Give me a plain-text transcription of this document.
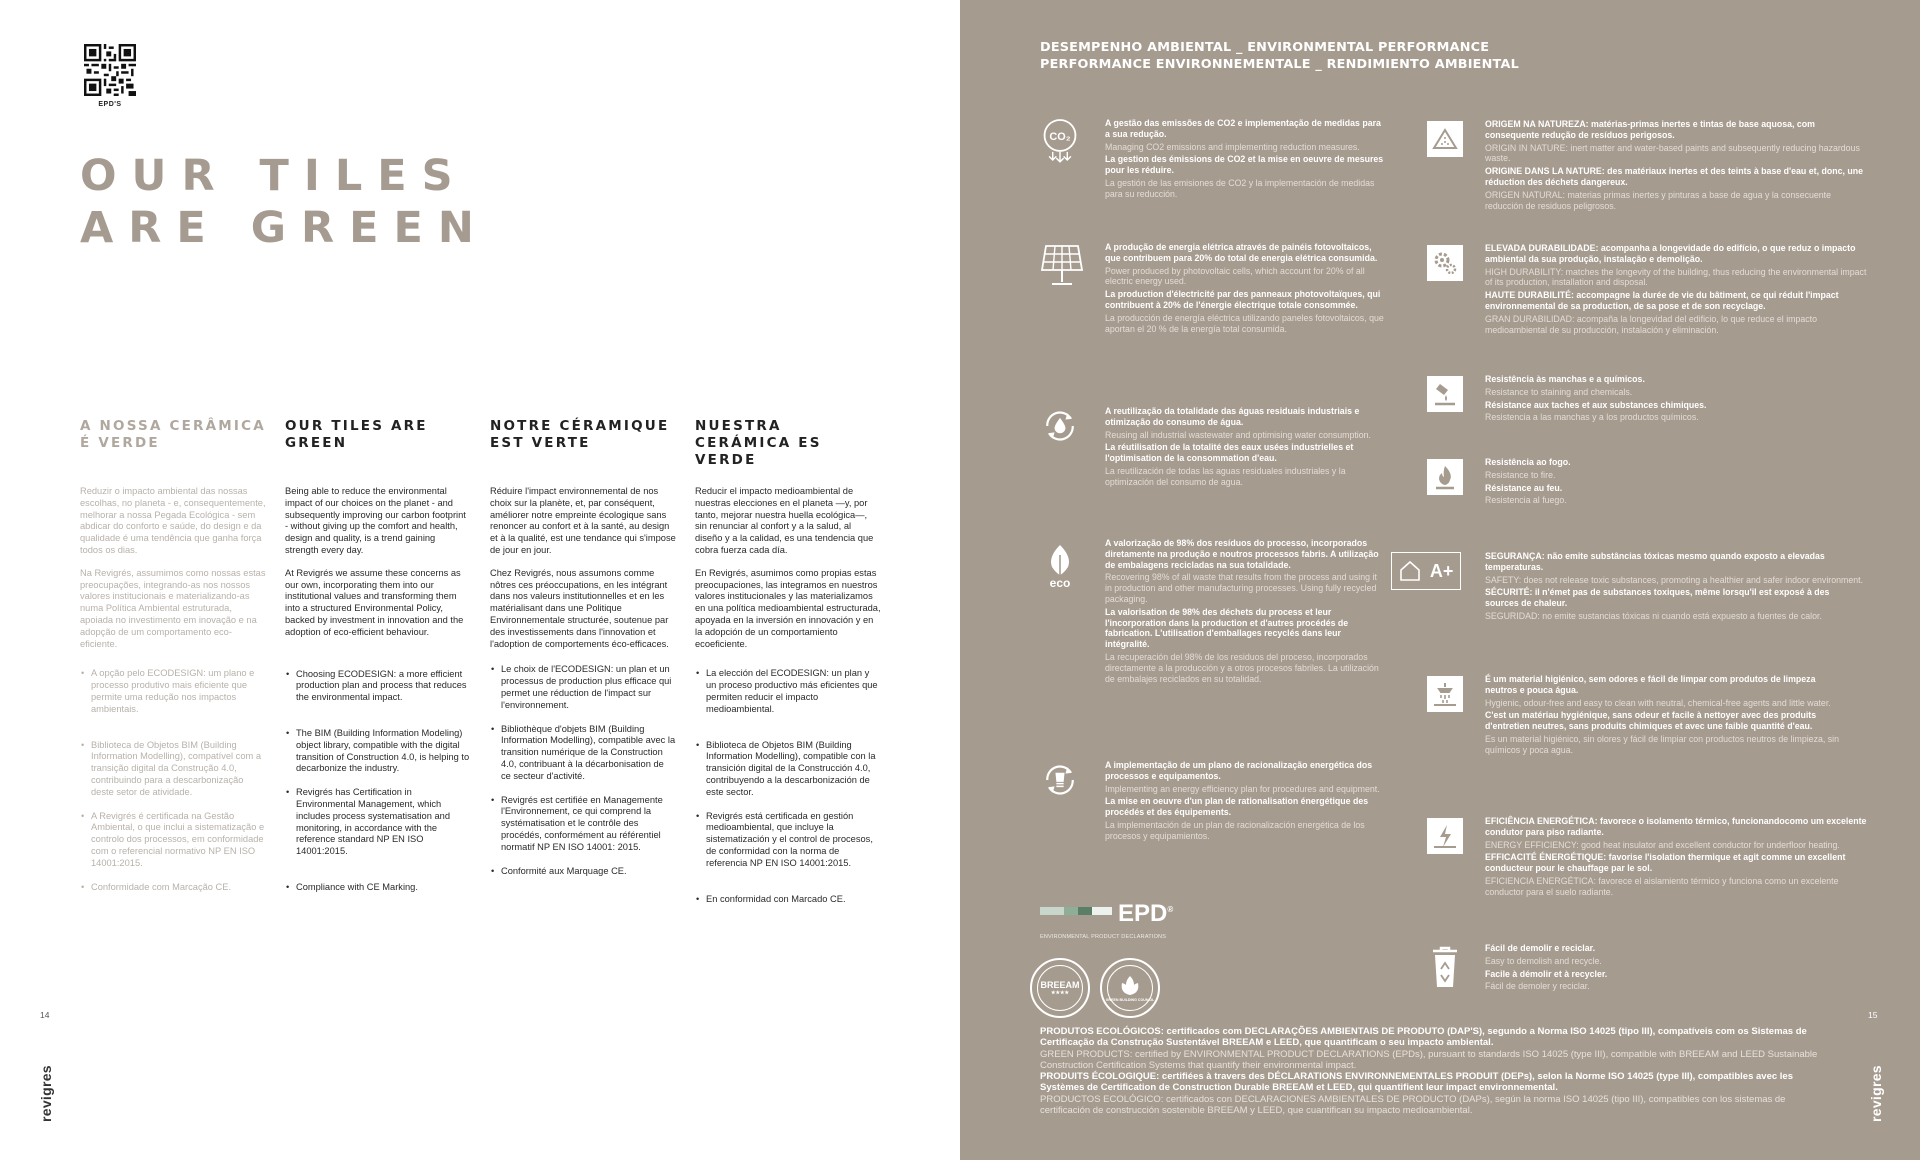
EPD'S
OUR TILES
ARE GREEN
A NOSSA CERÂMICA É VERDE

Reduzir o impacto ambiental das nossas escolhas, no planeta - e, consequentemente, melhorar a nossa Pegada Ecológica - sem abdicar do conforto e saúde, do design e da qualidade é uma tendência que ganha força todos os dias.

Na Revigrés, assumimos como nossas estas preocupações, integrando-as nos nossos valores institucionais e materializando-as numa Política Ambiental estruturada, apoiada no investimento em inovação e na adopção de um comportamento eco-eficiente.

• A opção pelo ECODESIGN: um plano e processo produtivo mais eficiente que permite uma redução nos impactos ambientais.
• Biblioteca de Objetos BIM (Building Information Modelling), compatível com a transição digital da Construção 4.0, contribuindo para a descarbonização deste setor de atividade.
• A Revigrés é certificada na Gestão Ambiental, o que inclui a sistematização e controlo dos processos, em conformidade com o referencial normativo NP EN ISO 14001:2015.
• Conformidade com Marcação CE.
OUR TILES ARE GREEN

Being able to reduce the environmental impact of our choices on the planet - and subsequently improving our carbon footprint - without giving up the comfort and health, design and quality, is a trend gaining strength every day.

At Revigrés we assume these concerns as our own, incorporating them into our institutional values and transforming them into a structured Environmental Policy, backed by investment in innovation and the adoption of eco-efficient behaviour.

• Choosing ECODESIGN: a more efficient production plan and process that reduces the environmental impact.
• The BIM (Building Information Modeling) object library, compatible with the digital transition of Construction 4.0, is helping to decarbonize the industry.
• Revigrés has Certification in Environmental Management, which includes process systematisation and monitoring, in accordance with the reference standard NP EN ISO 14001:2015.
• Compliance with CE Marking.
NOTRE CÉRAMIQUE EST VERTE

Réduire l'impact environnemental de nos choix sur la planète, et, par conséquent, améliorer notre empreinte écologique sans renoncer au confort et à la santé, au design et à la qualité, est une tendance qui s'impose de jour en jour.

Chez Revigrés, nous assumons comme nôtres ces préoccupations, en les intégrant dans nos valeurs institutionnelles et en les matérialisant dans une Politique Environnementale structurée, soutenue par des investissements dans l'innovation et l'adoption de comportements éco-efficaces.

• Le choix de l'ECODESIGN: un plan et un processus de production plus efficace qui permet une réduction de l'impact sur l'environnement.
• Bibliothèque d'objets BIM (Building Information Modelling), compatible avec la transition numérique de la Construction 4.0, contribuant à la décarbonisation de ce secteur d'activité.
• Revigrés est certifiée en Managemente l'Environnement, ce qui comprend la systématisation et le contrôle des procédés, conformément au référentiel normatif NP EN ISO 14001: 2015.
• Conformité aux Marquage CE.
NUESTRA CERÁMICA ES VERDE

Reducir el impacto medioambiental de nuestras elecciones en el planeta —y, por tanto, mejorar nuestra huella ecológica—, sin renunciar al confort y a la salud, al diseño y a la calidad, es una tendencia que cobra fuerza cada día.

En Revigrés, asumimos como propias estas preocupaciones, las integramos en nuestros valores institucionales y las materializamos en una política medioambiental estructurada, apoyada en la inversión en innovación y en la adopción de un comportamiento ecoeficiente.

• La elección del ECODESIGN: un plan y un proceso productivo más eficientes que permiten reducir el impacto medioambiental.
• Biblioteca de Objetos BIM (Building Information Modelling), compatible con la transición digital de la Construcción 4.0, contribuyendo a la descarbonización de este sector.
• Revigrés está certificada en gestión medioambiental, que incluye la sistematización y el control de procesos, de conformidad con la norma de referencia NP EN ISO 14001:2015.
• En conformidad con Marcado CE.
14
revigres
DESEMPENHO AMBIENTAL _ ENVIRONMENTAL PERFORMANCE
PERFORMANCE ENVIRONNEMENTALE _ RENDIMIENTO AMBIENTAL
CO₂
A gestão das emissões de CO2 e implementação de medidas para a sua redução.
Managing CO2 emissions and implementing reduction measures.
La gestion des émissions de CO2 et la mise en oeuvre de mesures pour les réduire.
La gestión de las emisiones de CO2 y la implementación de medidas para su reducción.
A produção de energia elétrica através de painéis fotovoltaicos, que contribuem para 20% do total de energia elétrica consumida.
Power produced by photovoltaic cells, which account for 20% of all electric energy used.
La production d'électricité par des panneaux photovoltaïques, qui contribuent à 20% de l'énergie électrique totale consommée.
La producción de energía eléctrica utilizando paneles fotovoltaicos, que aportan el 20 % de la energía total consumida.
A reutilização da totalidade das águas residuais industriais e otimização do consumo de água.
Reusing all industrial wastewater and optimising water consumption.
La réutilisation de la totalité des eaux usées industrielles et l'optimisation de la consommation d'eau.
La reutilización de todas las aguas residuales industriales y la optimización del consumo de agua.
eco
A valorização de 98% dos resíduos do processo, incorporados diretamente na produção e noutros processos fabris. A utilização de embalagens recicladas na sua totalidade.
Recovering 98% of all waste that results from the process and using it in production and other manufacturing processes. Using fully recycled packaging.
La valorisation de 98% des déchets du process et leur l'incorporation dans la production et d'autres procédés de fabrication. L'utilisation d'emballages recyclés dans leur intégralité.
La recuperación del 98% de los residuos del proceso, incorporados directamente a la producción y a otros procesos fabriles. La utilización de embalajes reciclados en su totalidad.
A implementação de um plano de racionalização energética dos processos e equipamentos.
Implementing an energy efficiency plan for procedures and equipment.
La mise en oeuvre d'un plan de rationalisation énergétique des procédés et des équipements.
La implementación de un plan de racionalización energética de los procesos y equipamientos.
ORIGEM NA NATUREZA: matérias-primas inertes e tintas de base aquosa, com consequente redução de resíduos perigosos.
ORIGIN IN NATURE: inert matter and water-based paints and subsequently reducing hazardous waste.
ORIGINE DANS LA NATURE: des matériaux inertes et des teints à base d'eau et, donc, une réduction des déchets dangereux.
ORIGEN NATURAL: materias primas inertes y pinturas a base de agua y la consecuente reducción de residuos peligrosos.
ELEVADA DURABILIDADE: acompanha a longevidade do edifício, o que reduz o impacto ambiental da sua produção, instalação e demolição.
HIGH DURABILITY: matches the longevity of the building, thus reducing the environmental impact of its production, installation and disposal.
HAUTE DURABILITÉ: accompagne la durée de vie du bâtiment, ce qui réduit l'impact environnemental de sa production, de sa pose et de son recyclage.
GRAN DURABILIDAD: acompaña la longevidad del edificio, lo que reduce el impacto medioambiental de su producción, instalación y eliminación.
Resistência às manchas e a químicos.
Resistance to staining and chemicals.
Résistance aux taches et aux substances chimiques.
Resistencia a las manchas y a los productos químicos.
Resistência ao fogo.
Resistance to fire.
Résistance au feu.
Resistencia al fuego.
A+
SEGURANÇA: não emite substâncias tóxicas mesmo quando exposto a elevadas temperaturas.
SAFETY: does not release toxic substances, promoting a healthier and safer indoor environment.
SÉCURITÉ: il n'émet pas de substances toxiques, même lorsqu'il est exposé à des sources de chaleur.
SEGURIDAD: no emite sustancias tóxicas ni cuando está expuesto a fuentes de calor.
É um material higiénico, sem odores e fácil de limpar com produtos de limpeza neutros e pouca água.
Hygienic, odour-free and easy to clean with neutral, chemical-free agents and little water.
C'est un matériau hygiénique, sans odeur et facile à nettoyer avec des produits d'entretien neutres, sans produits chimiques et avec une faible quantité d'eau.
Es un material higiénico, sin olores y fácil de limpiar con productos neutros de limpieza, sin químicos y poca agua.
EFICIÊNCIA ENERGÉTICA: favorece o isolamento térmico, funcionandocomo um excelente condutor para piso radiante.
ENERGY EFFICIENCY: good heat insulator and excellent conductor for underfloor heating.
EFFICACITÉ ÉNERGÉTIQUE: favorise l'isolation thermique et agit comme un excellent conducteur pour le chauffage par le sol.
EFICIENCIA ENERGÉTICA: favorece el aislamiento térmico y funciona como un excelente conductor para el suelo radiante.
Fácil de demolir e reciclar.
Easy to demolish and recycle.
Facile à démolir et à recycler.
Fácil de demoler y reciclar.
EPD®
ENVIRONMENTAL PRODUCT DECLARATIONS
BREEAM
★★★★
GREEN BUILDING COUNCIL
PRODUTOS ECOLÓGICOS: certificados com DECLARAÇÕES AMBIENTAIS DE PRODUTO (DAP'S), segundo a Norma ISO 14025 (tipo III), compatíveis com os Sistemas de Certificação da Construção Sustentável BREEAM e LEED, que quantificam o seu impacto ambiental.
GREEN PRODUCTS: certified by ENVIRONMENTAL PRODUCT DECLARATIONS (EPDs), pursuant to standards ISO 14025 (type III), compatible with BREEAM and LEED Sustainable Construction Certification Systems that quantify their environmental impact.
PRODUITS ÉCOLOGIQUE: certifiées à travers des DÉCLARATIONS ENVIRONNEMENTALES PRODUIT (DEPs), selon la Norme ISO 14025 (type III), compatibles avec les Systèmes de Certification de Construction Durable BREEAM et LEED, qui quantifient leur impact environnemental.
PRODUCTOS ECOLÓGICO: certificados con DECLARACIONES AMBIENTALES DE PRODUCTO (DAPs), según la norma ISO 14025 (tipo III), compatibles con los sistemas de certificación de construcción sostenible BREEAM y LEED, que cuantifican su impacto medioambiental.
15
revigres
